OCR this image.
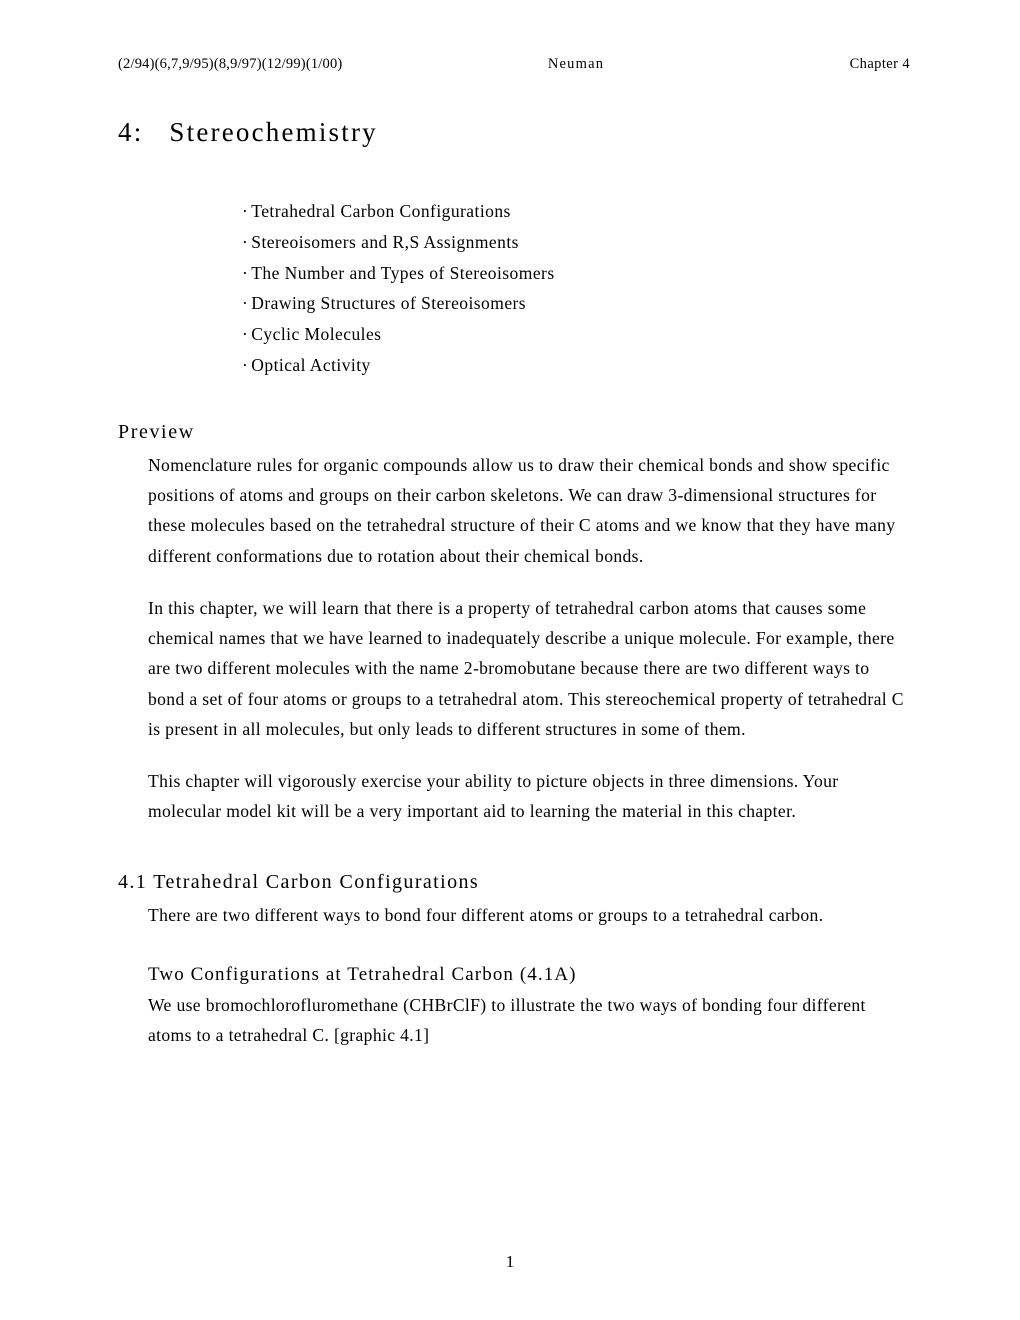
(2/94)(6,7,9/95)(8,9/97)(12/99)(1/00)	Neuman	Chapter 4
4: Stereochemistry
· Tetrahedral Carbon Configurations
· Stereoisomers and R,S Assignments
· The Number and Types of Stereoisomers
· Drawing Structures of Stereoisomers
· Cyclic Molecules
· Optical Activity
Preview

Nomenclature rules for organic compounds allow us to draw their chemical bonds and show specific positions of atoms and groups on their carbon skeletons. We can draw 3-dimensional structures for these molecules based on the tetrahedral structure of their C atoms and we know that they have many different conformations due to rotation about their chemical bonds.

In this chapter, we will learn that there is a property of tetrahedral carbon atoms that causes some chemical names that we have learned to inadequately describe a unique molecule. For example, there are two different molecules with the name 2-bromobutane because there are two different ways to bond a set of four atoms or groups to a tetrahedral atom. This stereochemical property of tetrahedral C is present in all molecules, but only leads to different structures in some of them.

This chapter will vigorously exercise your ability to picture objects in three dimensions. Your molecular model kit will be a very important aid to learning the material in this chapter.

4.1 Tetrahedral Carbon Configurations

There are two different ways to bond four different atoms or groups to a tetrahedral carbon.

Two Configurations at Tetrahedral Carbon (4.1A)

We use bromochlorofluromethane (CHBrClF) to illustrate the two ways of bonding four different atoms to a tetrahedral C. [graphic 4.1]

1
